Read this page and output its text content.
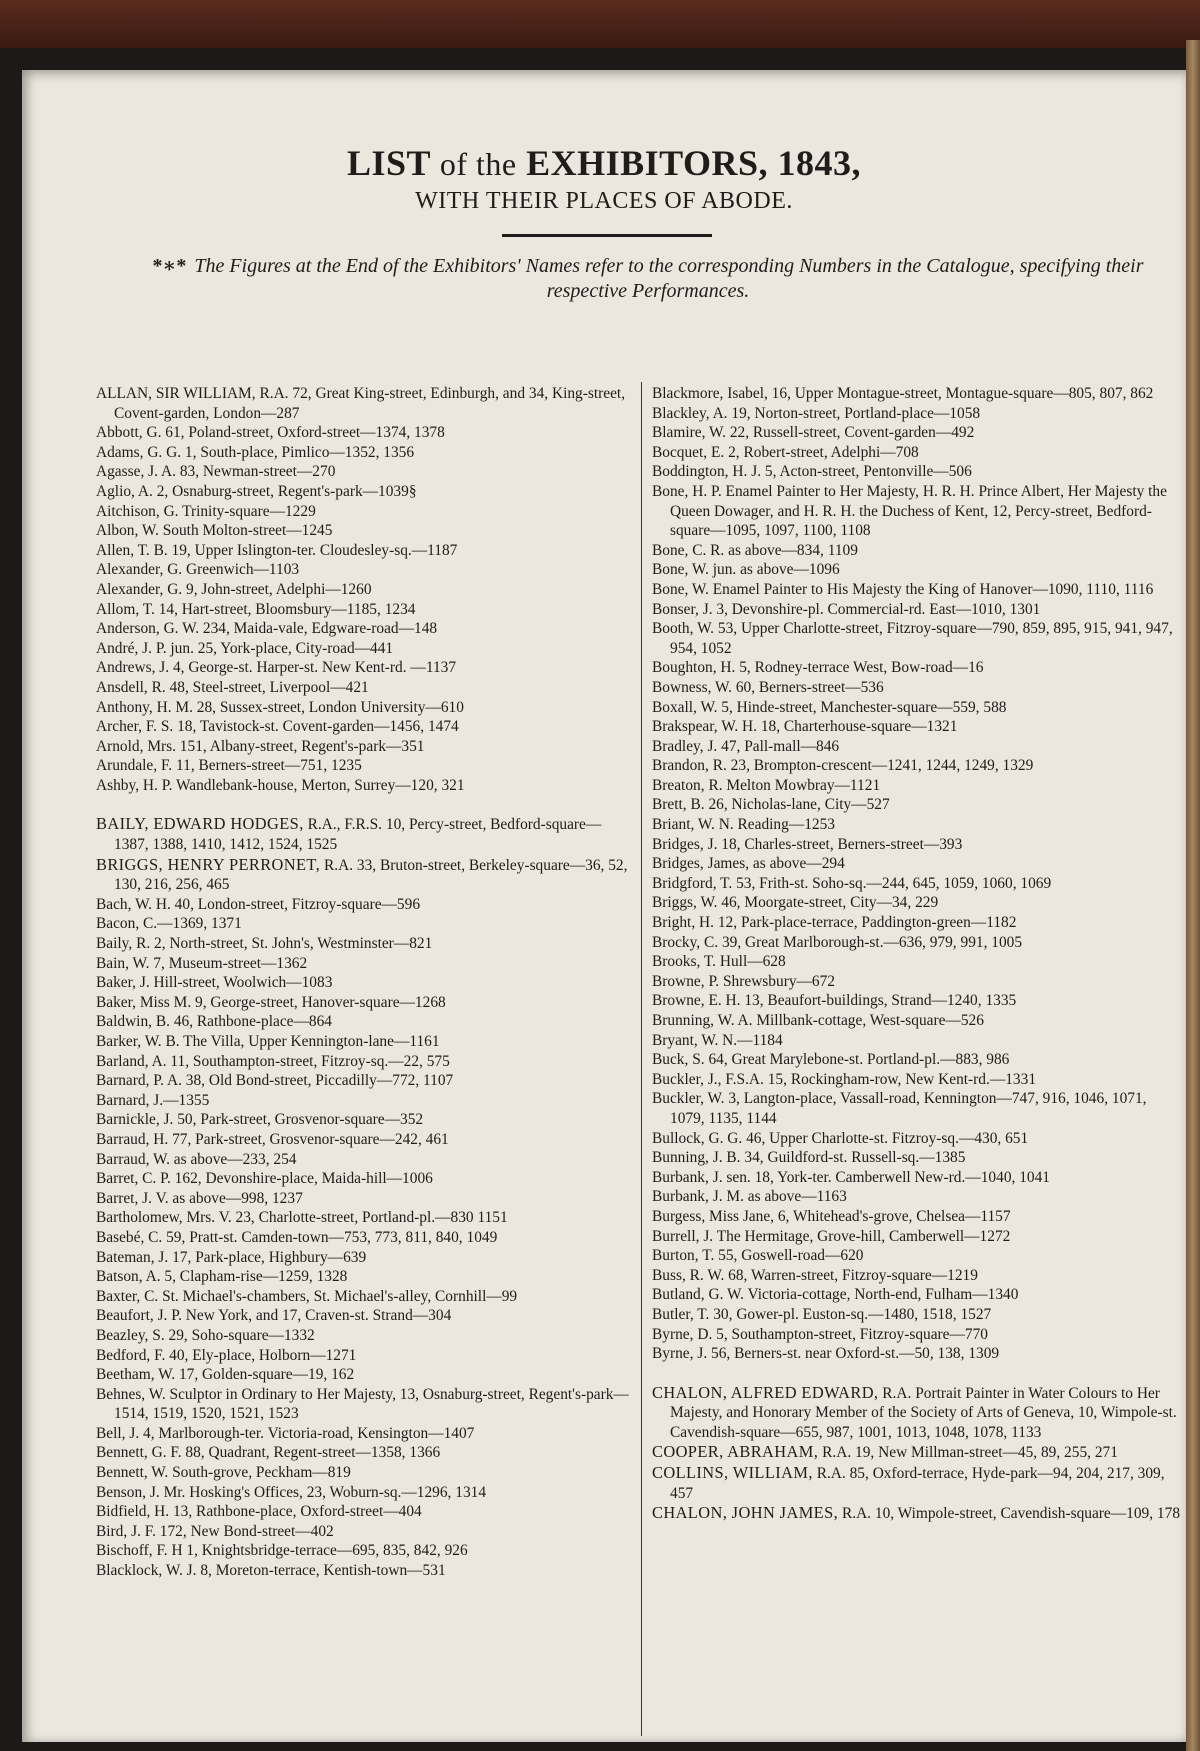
LIST of the EXHIBITORS, 1843,
WITH THEIR PLACES OF ABODE.
*∗* The Figures at the End of the Exhibitors' Names refer to the corresponding Numbers in the Catalogue, specifying their respective Performances.

ALLAN, SIR WILLIAM, R.A. 72, Great King-street, Edinburgh, and 34, King-street, Covent-garden, London—287

Abbott, G. 61, Poland-street, Oxford-street—1374, 1378

Adams, G. G. 1, South-place, Pimlico—1352, 1356

Agasse, J. A. 83, Newman-street—270

Aglio, A. 2, Osnaburg-street, Regent's-park—1039§

Aitchison, G. Trinity-square—1229

Albon, W. South Molton-street—1245

Allen, T. B. 19, Upper Islington-ter. Cloudesley-sq.—1187

Alexander, G. Greenwich—1103

Alexander, G. 9, John-street, Adelphi—1260

Allom, T. 14, Hart-street, Bloomsbury—1185, 1234

Anderson, G. W. 234, Maida-vale, Edgware-road—148

André, J. P. jun. 25, York-place, City-road—441

Andrews, J. 4, George-st. Harper-st. New Kent-rd. —1137

Ansdell, R. 48, Steel-street, Liverpool—421

Anthony, H. M. 28, Sussex-street, London University—610

Archer, F. S. 18, Tavistock-st. Covent-garden—1456, 1474

Arnold, Mrs. 151, Albany-street, Regent's-park—351

Arundale, F. 11, Berners-street—751, 1235

Ashby, H. P. Wandlebank-house, Merton, Surrey—120, 321

BAILY, EDWARD HODGES, R.A., F.R.S. 10, Percy-street, Bedford-square—1387, 1388, 1410, 1412, 1524, 1525

BRIGGS, HENRY PERRONET, R.A. 33, Bruton-street, Berkeley-square—36, 52, 130, 216, 256, 465

Bach, W. H. 40, London-street, Fitzroy-square—596

Bacon, C.—1369, 1371

Baily, R. 2, North-street, St. John's, Westminster—821

Bain, W. 7, Museum-street—1362

Baker, J. Hill-street, Woolwich—1083

Baker, Miss M. 9, George-street, Hanover-square—1268

Baldwin, B. 46, Rathbone-place—864

Barker, W. B. The Villa, Upper Kennington-lane—1161

Barland, A. 11, Southampton-street, Fitzroy-sq.—22, 575

Barnard, P. A. 38, Old Bond-street, Piccadilly—772, 1107

Barnard, J.—1355

Barnickle, J. 50, Park-street, Grosvenor-square—352

Barraud, H. 77, Park-street, Grosvenor-square—242, 461

Barraud, W. as above—233, 254

Barret, C. P. 162, Devonshire-place, Maida-hill—1006

Barret, J. V. as above—998, 1237

Bartholomew, Mrs. V. 23, Charlotte-street, Portland-pl.—830 1151

Basebé, C. 59, Pratt-st. Camden-town—753, 773, 811, 840, 1049

Bateman, J. 17, Park-place, Highbury—639

Batson, A. 5, Clapham-rise—1259, 1328

Baxter, C. St. Michael's-chambers, St. Michael's-alley, Cornhill—99

Beaufort, J. P. New York, and 17, Craven-st. Strand—304

Beazley, S. 29, Soho-square—1332

Bedford, F. 40, Ely-place, Holborn—1271

Beetham, W. 17, Golden-square—19, 162

Behnes, W. Sculptor in Ordinary to Her Majesty, 13, Osnaburg-street, Regent's-park—1514, 1519, 1520, 1521, 1523

Bell, J. 4, Marlborough-ter. Victoria-road, Kensington—1407

Bennett, G. F. 88, Quadrant, Regent-street—1358, 1366

Bennett, W. South-grove, Peckham—819

Benson, J. Mr. Hosking's Offices, 23, Woburn-sq.—1296, 1314

Bidfield, H. 13, Rathbone-place, Oxford-street—404

Bird, J. F. 172, New Bond-street—402

Bischoff, F. H 1, Knightsbridge-terrace—695, 835, 842, 926

Blacklock, W. J. 8, Moreton-terrace, Kentish-town—531

Blackmore, Isabel, 16, Upper Montague-street, Montague-square—805, 807, 862

Blackley, A. 19, Norton-street, Portland-place—1058

Blamire, W. 22, Russell-street, Covent-garden—492

Bocquet, E. 2, Robert-street, Adelphi—708

Boddington, H. J. 5, Acton-street, Pentonville—506

Bone, H. P. Enamel Painter to Her Majesty, H. R. H. Prince Albert, Her Majesty the Queen Dowager, and H. R. H. the Duchess of Kent, 12, Percy-street, Bedford-square—1095, 1097, 1100, 1108

Bone, C. R. as above—834, 1109

Bone, W. jun. as above—1096

Bone, W. Enamel Painter to His Majesty the King of Hanover—1090, 1110, 1116

Bonser, J. 3, Devonshire-pl. Commercial-rd. East—1010, 1301

Booth, W. 53, Upper Charlotte-street, Fitzroy-square—790, 859, 895, 915, 941, 947, 954, 1052

Boughton, H. 5, Rodney-terrace West, Bow-road—16

Bowness, W. 60, Berners-street—536

Boxall, W. 5, Hinde-street, Manchester-square—559, 588

Brakspear, W. H. 18, Charterhouse-square—1321

Bradley, J. 47, Pall-mall—846

Brandon, R. 23, Brompton-crescent—1241, 1244, 1249, 1329

Breaton, R. Melton Mowbray—1121

Brett, B. 26, Nicholas-lane, City—527

Briant, W. N. Reading—1253

Bridges, J. 18, Charles-street, Berners-street—393

Bridges, James, as above—294

Bridgford, T. 53, Frith-st. Soho-sq.—244, 645, 1059, 1060, 1069

Briggs, W. 46, Moorgate-street, City—34, 229

Bright, H. 12, Park-place-terrace, Paddington-green—1182

Brocky, C. 39, Great Marlborough-st.—636, 979, 991, 1005

Brooks, T. Hull—628

Browne, P. Shrewsbury—672

Browne, E. H. 13, Beaufort-buildings, Strand—1240, 1335

Brunning, W. A. Millbank-cottage, West-square—526

Bryant, W. N.—1184

Buck, S. 64, Great Marylebone-st. Portland-pl.—883, 986

Buckler, J., F.S.A. 15, Rockingham-row, New Kent-rd.—1331

Buckler, W. 3, Langton-place, Vassall-road, Kennington—747, 916, 1046, 1071, 1079, 1135, 1144

Bullock, G. G. 46, Upper Charlotte-st. Fitzroy-sq.—430, 651

Bunning, J. B. 34, Guildford-st. Russell-sq.—1385

Burbank, J. sen. 18, York-ter. Camberwell New-rd.—1040, 1041

Burbank, J. M. as above—1163

Burgess, Miss Jane, 6, Whitehead's-grove, Chelsea—1157

Burrell, J. The Hermitage, Grove-hill, Camberwell—1272

Burton, T. 55, Goswell-road—620

Buss, R. W. 68, Warren-street, Fitzroy-square—1219

Butland, G. W. Victoria-cottage, North-end, Fulham—1340

Butler, T. 30, Gower-pl. Euston-sq.—1480, 1518, 1527

Byrne, D. 5, Southampton-street, Fitzroy-square—770

Byrne, J. 56, Berners-st. near Oxford-st.—50, 138, 1309

CHALON, ALFRED EDWARD, R.A. Portrait Painter in Water Colours to Her Majesty, and Honorary Member of the Society of Arts of Geneva, 10, Wimpole-st. Cavendish-square—655, 987, 1001, 1013, 1048, 1078, 1133

COOPER, ABRAHAM, R.A. 19, New Millman-street—45, 89, 255, 271

COLLINS, WILLIAM, R.A. 85, Oxford-terrace, Hyde-park—94, 204, 217, 309, 457

CHALON, JOHN JAMES, R.A. 10, Wimpole-street, Cavendish-square—109, 178
